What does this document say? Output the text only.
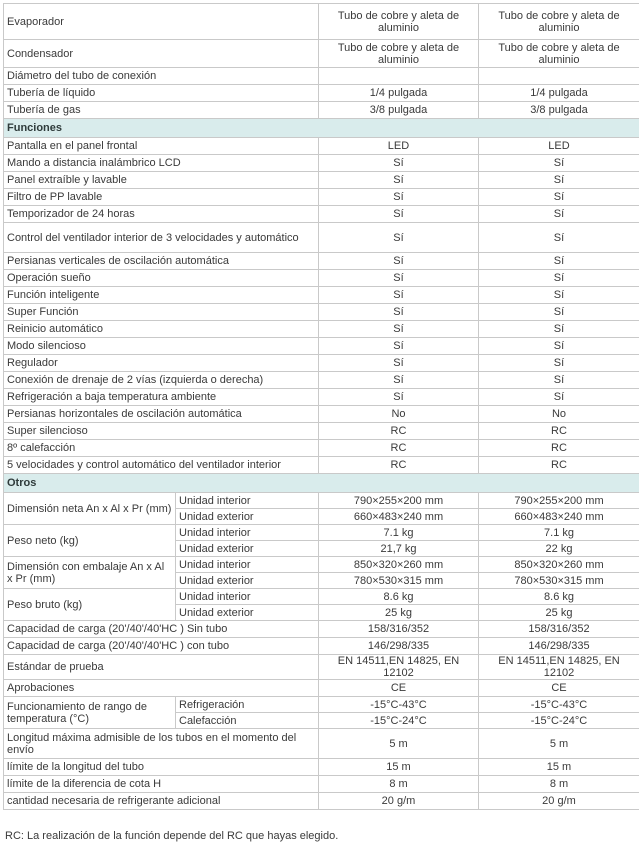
Evaporador		Tubo de cobre y aleta de aluminio	Tubo de cobre y aleta de aluminio
Condensador		Tubo de cobre y aleta de aluminio	Tubo de cobre y aleta de aluminio
Diámetro del tubo de conexión			
Tubería de líquido		1/4 pulgada	1/4 pulgada
Tubería de gas		3/8 pulgada	3/8 pulgada
Funciones			
Pantalla en el panel frontal		LED	LED
Mando a distancia inalámbrico LCD		Sí	Sí
Panel extraíble y lavable		Sí	Sí
Filtro de PP lavable		Sí	Sí
Temporizador de 24 horas		Sí	Sí
Control del ventilador interior de 3 velocidades y automático		Sí	Sí
Persianas verticales de oscilación automática		Sí	Sí
Operación sueño		Sí	Sí
Función inteligente		Sí	Sí
Super Función		Sí	Sí
Reinicio automático		Sí	Sí
Modo silencioso		Sí	Sí
Regulador		Sí	Sí
Conexión de drenaje de 2 vías (izquierda o derecha)		Sí	Sí
Refrigeración a baja temperatura ambiente		Sí	Sí
Persianas horizontales de oscilación automática		No	No
Super silencioso		RC	RC
8º calefacción		RC	RC
5 velocidades y control automático del ventilador interior		RC	RC
Otros			
Dimensión neta An x Al x Pr (mm)	Unidad interior	790×255×200 mm	790×255×200 mm
	Unidad exterior	660×483×240 mm	660×483×240 mm
Peso neto (kg)	Unidad interior	7.1 kg	7.1 kg
	Unidad exterior	21,7 kg	22 kg
Dimensión con embalaje An x Al x Pr (mm)	Unidad interior	850×320×260 mm	850×320×260 mm
	Unidad exterior	780×530×315 mm	780×530×315 mm
Peso bruto (kg)	Unidad interior	8.6 kg	8.6 kg
	Unidad exterior	25 kg	25 kg
Capacidad de carga (20'/40'/40'HC ) Sin tubo		158/316/352	158/316/352
Capacidad de carga (20'/40'/40'HC ) con tubo		146/298/335	146/298/335
Estándar de prueba		EN 14511,EN 14825, EN 12102	EN 14511,EN 14825, EN 12102
Aprobaciones		CE	CE
Funcionamiento de rango de temperatura (°C)	Refrigeración	-15°C-43°C	-15°C-43°C
	Calefacción	-15°C-24°C	-15°C-24°C
Longitud máxima admisible de los tubos en el momento del envío		5 m	5 m
límite de la longitud del tubo		15 m	15 m
límite de la diferencia de cota H		8 m	8 m
cantidad necesaria de refrigerante adicional		20 g/m	20 g/m
RC: La realización de la función depende del RC que hayas elegido.
